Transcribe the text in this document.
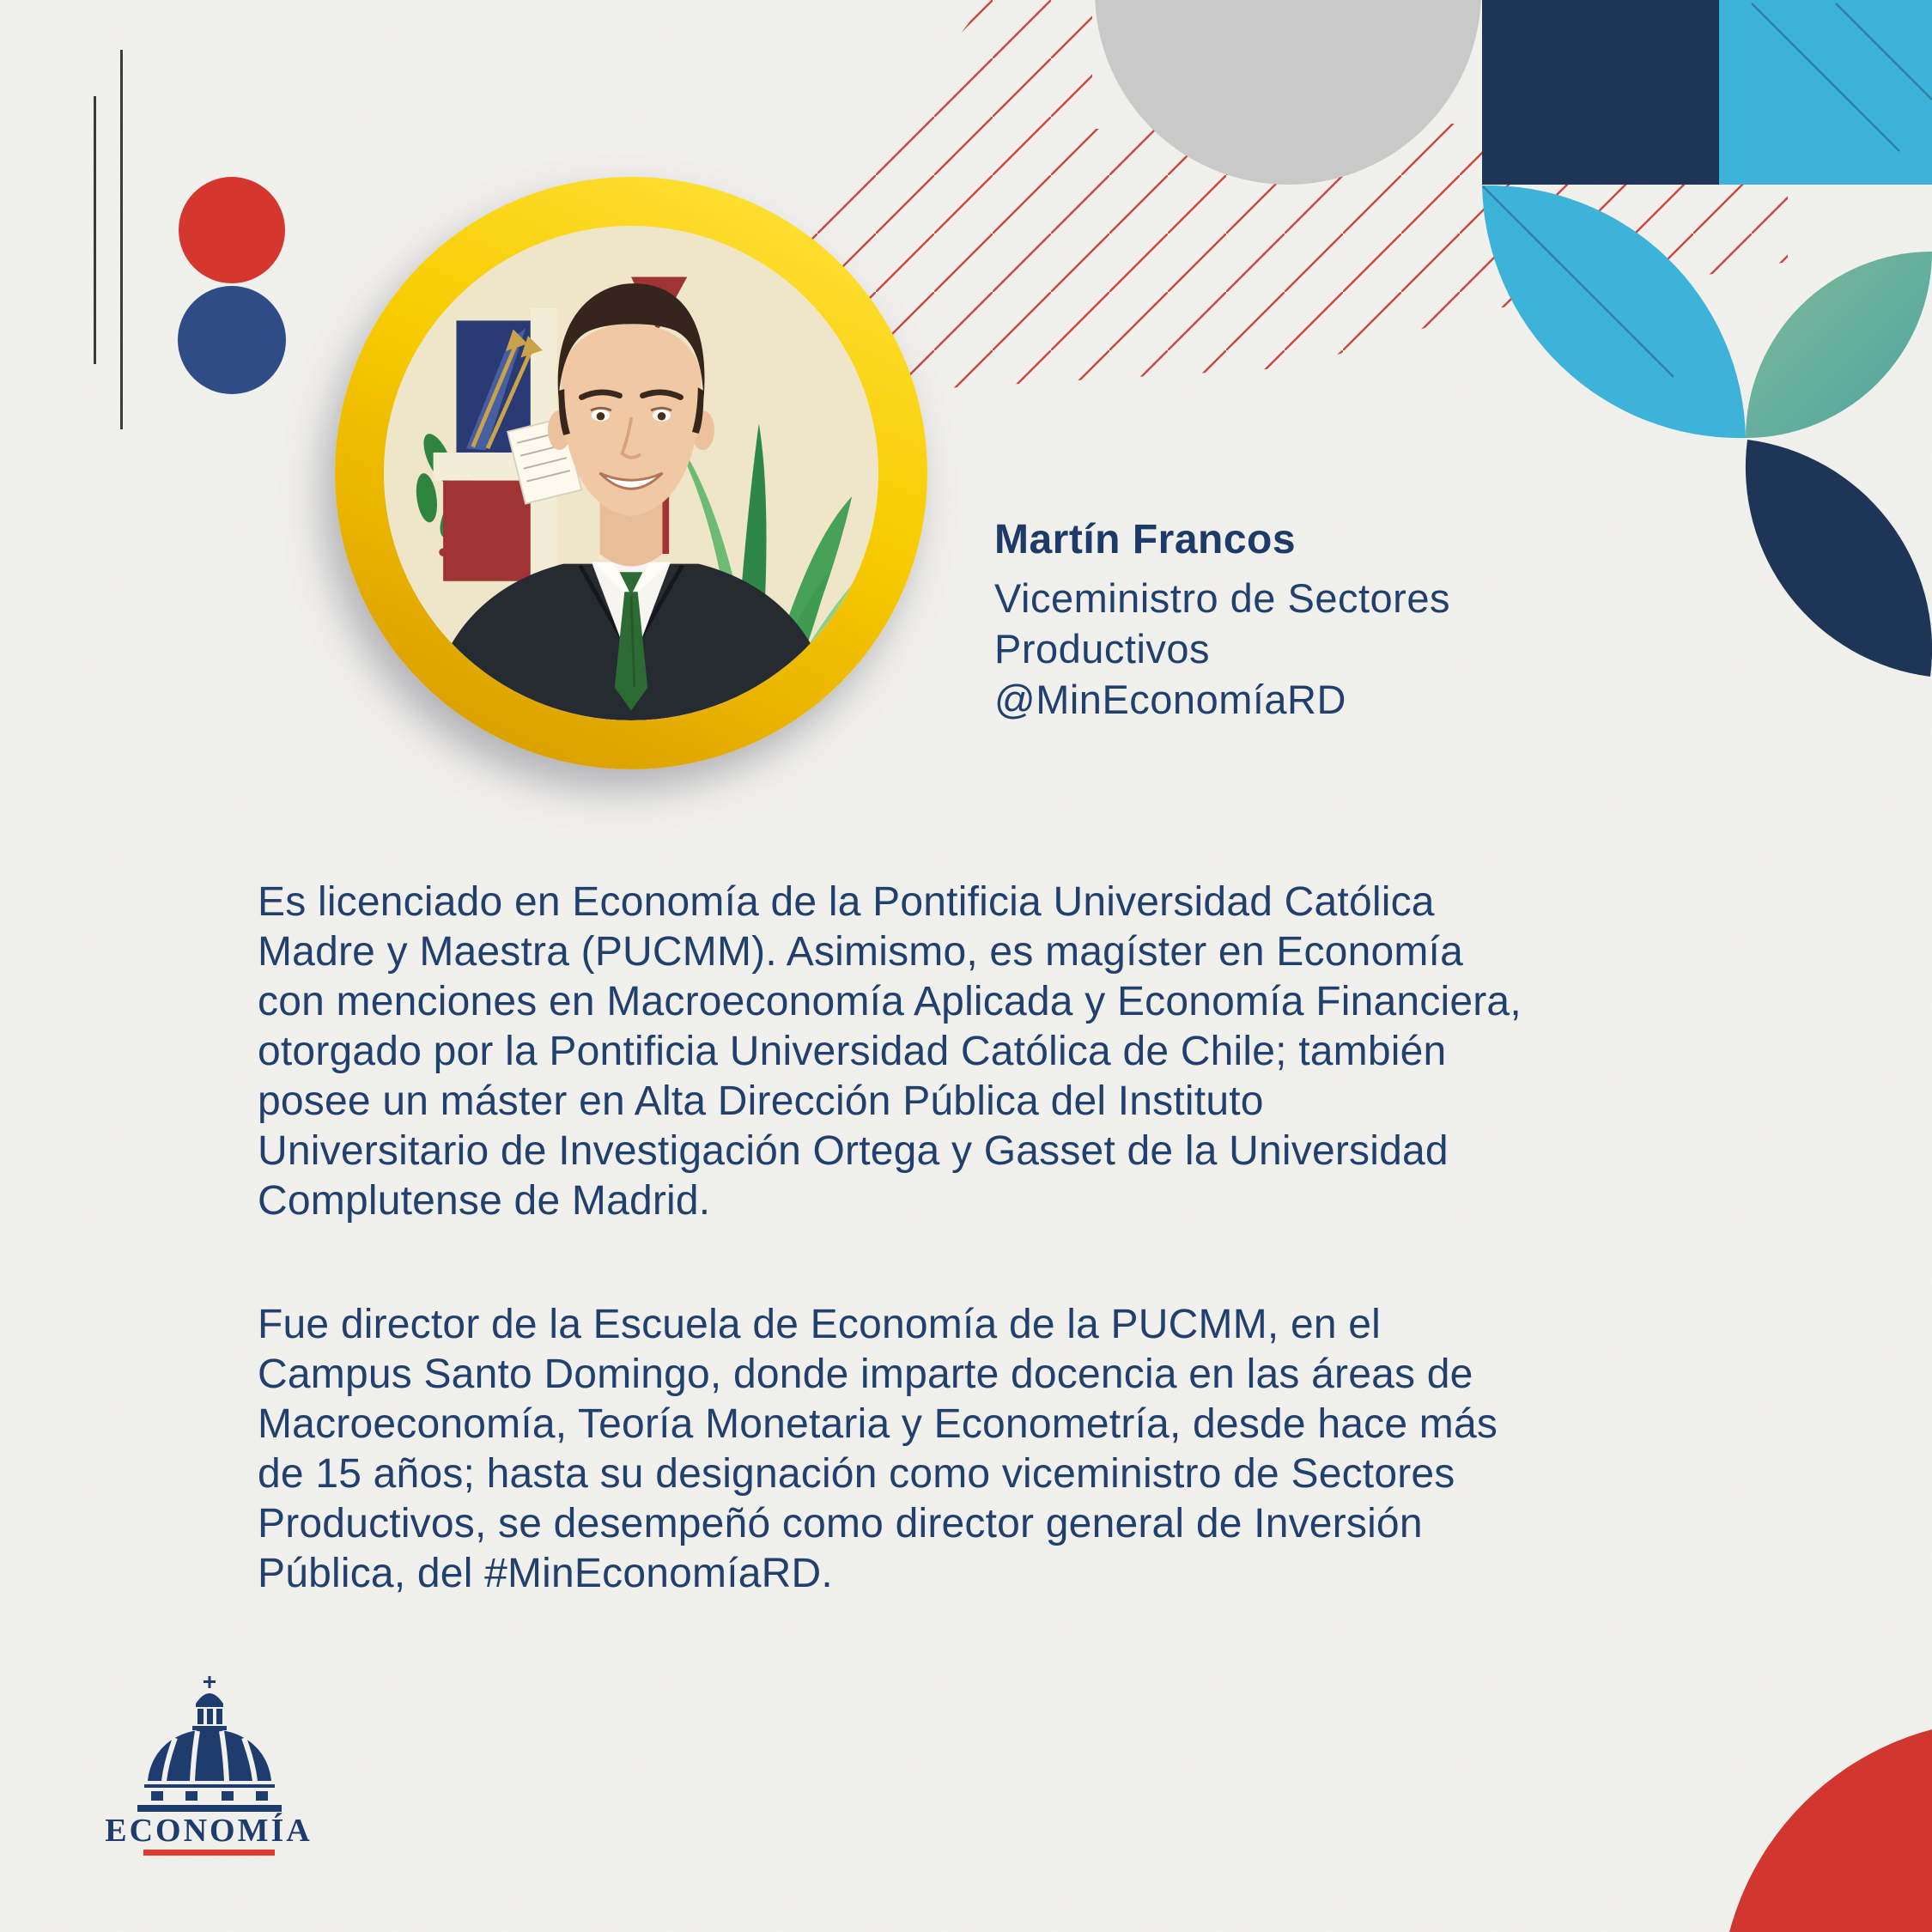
Martín Francos
Viceministro de Sectores
Productivos
@MinEconomíaRD
Es licenciado en Economía de la Pontificia Universidad Católica
Madre y Maestra (PUCMM). Asimismo, es magíster en Economía
con menciones en Macroeconomía Aplicada y Economía Financiera,
otorgado por la Pontificia Universidad Católica de Chile; también
posee un máster en Alta Dirección Pública del Instituto
Universitario de Investigación Ortega y Gasset de la Universidad
Complutense de Madrid.
Fue director de la Escuela de Economía de la PUCMM, en el
Campus Santo Domingo, donde imparte docencia en las áreas de
Macroeconomía, Teoría Monetaria y Econometría, desde hace más
de 15 años; hasta su designación como viceministro de Sectores
Productivos, se desempeñó como director general de Inversión
Pública, del #MinEconomíaRD.
ECONOMÍA
